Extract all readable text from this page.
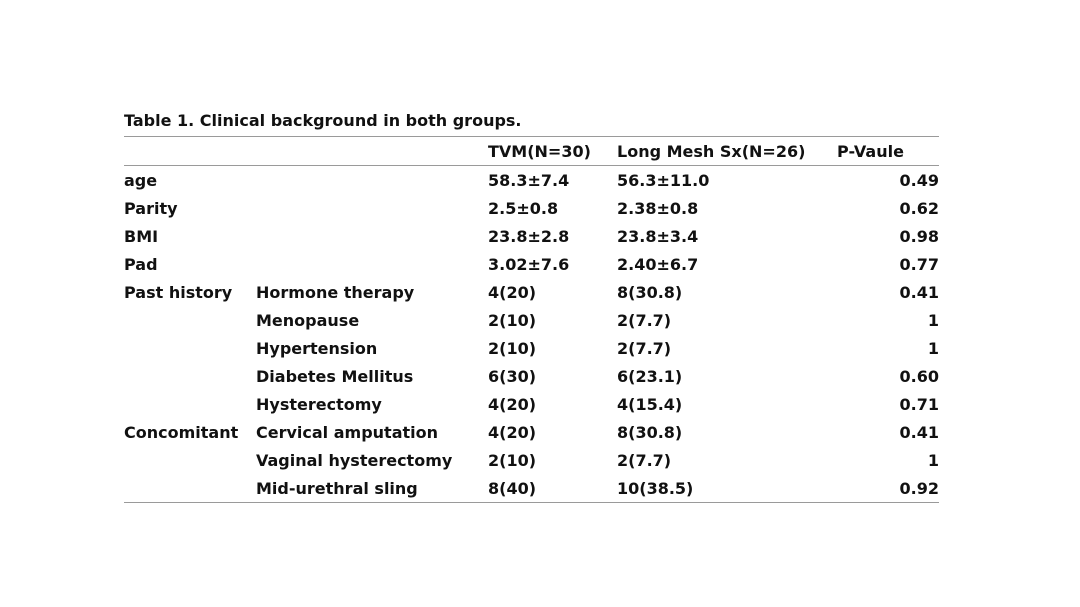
Table 1. Clinical background in both groups.
		TVM(N=30)	Long Mesh Sx(N=26)	P-Vaule
age		58.3±7.4	56.3±11.0	0.49
Parity		2.5±0.8	2.38±0.8	0.62
BMI		23.8±2.8	23.8±3.4	0.98
Pad		3.02±7.6	2.40±6.7	0.77
Past history	Hormone therapy	4(20)	8(30.8)	0.41
	Menopause	2(10)	2(7.7)	1
	Hypertension	2(10)	2(7.7)	1
	Diabetes Mellitus	6(30)	6(23.1)	0.60
	Hysterectomy	4(20)	4(15.4)	0.71
Concomitant	Cervical amputation	4(20)	8(30.8)	0.41
	Vaginal hysterectomy	2(10)	2(7.7)	1
	Mid-urethral sling	8(40)	10(38.5)	0.92
